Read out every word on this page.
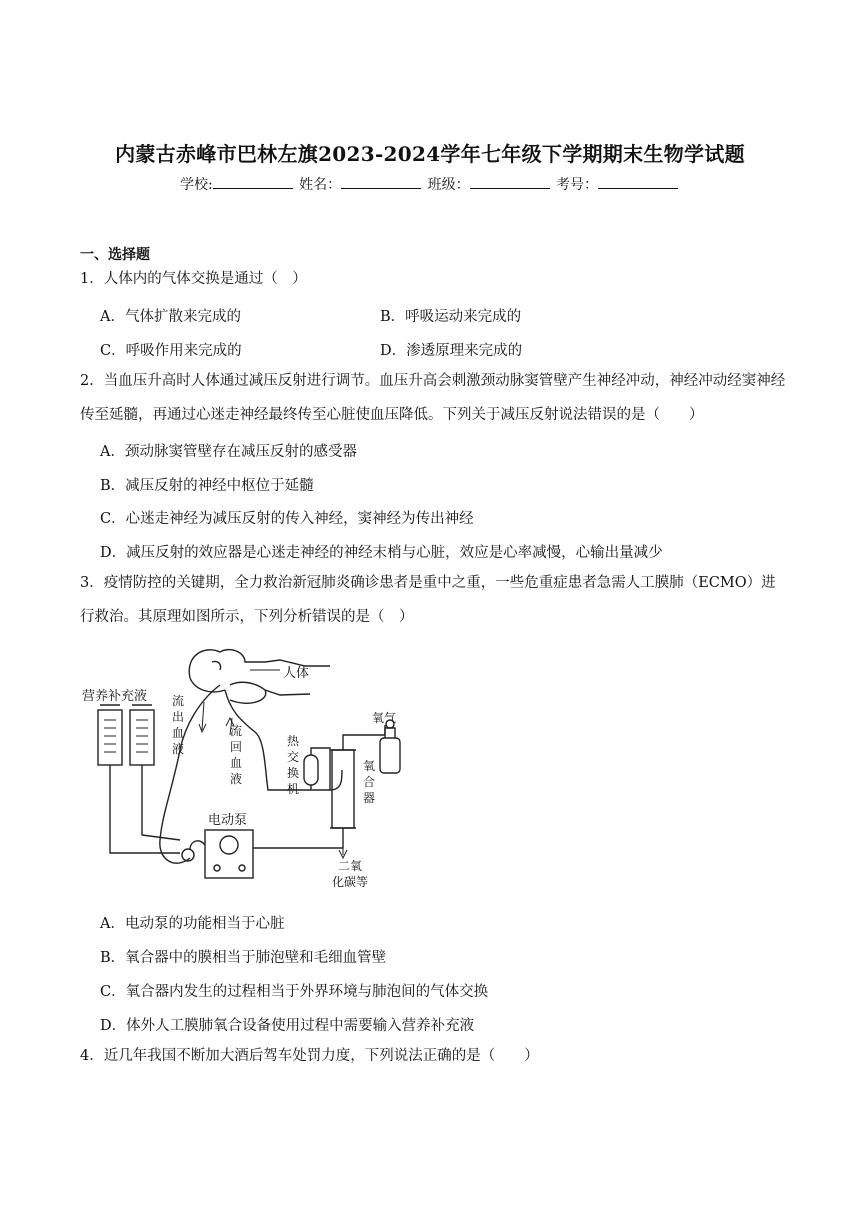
内蒙古赤峰市巴林左旗2023-2024学年七年级下学期期末生物学试题
学校:	姓名：	班级：	考号：
一、选择题
1．人体内的气体交换是通过（　）
A．气体扩散来完成的	B．呼吸运动来完成的
C．呼吸作用来完成的	D．渗透原理来完成的
2．当血压升高时人体通过减压反射进行调节。血压升高会刺激颈动脉窦管壁产生神经冲动，神经冲动经窦神经传至延髓，再通过心迷走神经最终传至心脏使血压降低。下列关于减压反射说法错误的是（　　）
A．颈动脉窦管壁存在减压反射的感受器
B．减压反射的神经中枢位于延髓
C．心迷走神经为减压反射的传入神经，窦神经为传出神经
D．减压反射的效应器是心迷走神经的神经末梢与心脏，效应是心率减慢，心输出量减少
3．疫情防控的关键期，全力救治新冠肺炎确诊患者是重中之重，一些危重症患者急需人工膜肺（ECMO）进行救治。其原理如图所示，下列分析错误的是（　）
人体
营养补充液 流 出 血 液
流 回 血 液
热 交 换 机
氧 合 器
氧气
电动泵
二氧
化碳等
A．电动泵的功能相当于心脏
B．氧合器中的膜相当于肺泡壁和毛细血管壁
C．氧合器内发生的过程相当于外界环境与肺泡间的气体交换
D．体外人工膜肺氧合设备使用过程中需要输入营养补充液
4．近几年我国不断加大酒后驾车处罚力度，下列说法正确的是（　　）
